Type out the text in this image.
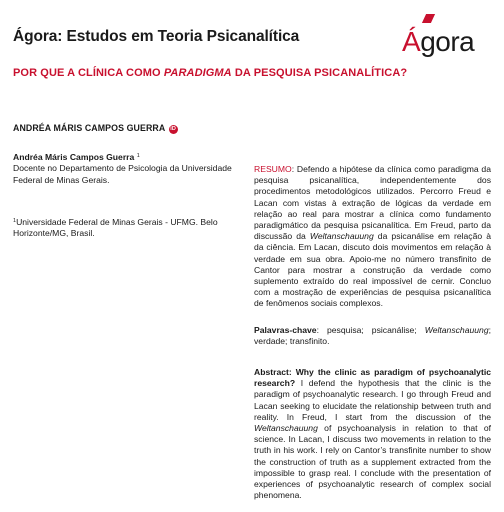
Ágora: Estudos em Teoria Psicanalítica	Ágora
POR QUE A CLÍNICA COMO PARADIGMA DA PESQUISA PSICANALÍTICA?
ANDRÉA MÁRIS CAMPOS GUERRA iD
Andréa Máris Campos Guerra $^1$
Docente no Departamento de Psicologia da Universidade Federal de Minas Gerais.
$^1$Universidade Federal de Minas Gerais - UFMG. Belo Horizonte/MG, Brasil.

RESUMO: Defendo a hipótese da clínica como paradigma da pesquisa psicanalítica, independentemente dos procedimentos metodológicos utilizados. Percorro Freud e Lacan com vistas à extração de lógicas da verdade em relação ao real para mostrar a clínica como fundamento paradigmático da pesquisa psicanalítica. Em Freud, parto da discussão da Weltanschauung da psicanálise em relação à da ciência. Em Lacan, discuto dois movimentos em relação à verdade em sua obra. Apoio-me no número transfinito de Cantor para mostrar a construção da verdade como suplemento extraído do real impossível de cernir. Concluo com a mostração de experiências de pesquisa psicanalítica de fenômenos sociais complexos.

Palavras-chave: pesquisa; psicanálise; Weltanschauung; verdade; transfinito.

Abstract: Why the clinic as paradigm of psychoanalytic research? I defend the hypothesis that the clinic is the paradigm of psychoanalytic research. I go through Freud and Lacan seeking to elucidate the relationship between truth and reality. In Freud, I start from the discussion of the Weltanschauung of psychoanalysis in relation to that of science. In Lacan, I discuss two movements in relation to the truth in his work. I rely on Cantor’s transfinite number to show the construction of truth as a supplement extracted from the impossible to grasp real. I conclude with the presentation of experiences of psychoanalytic research of complex social phenomena.
